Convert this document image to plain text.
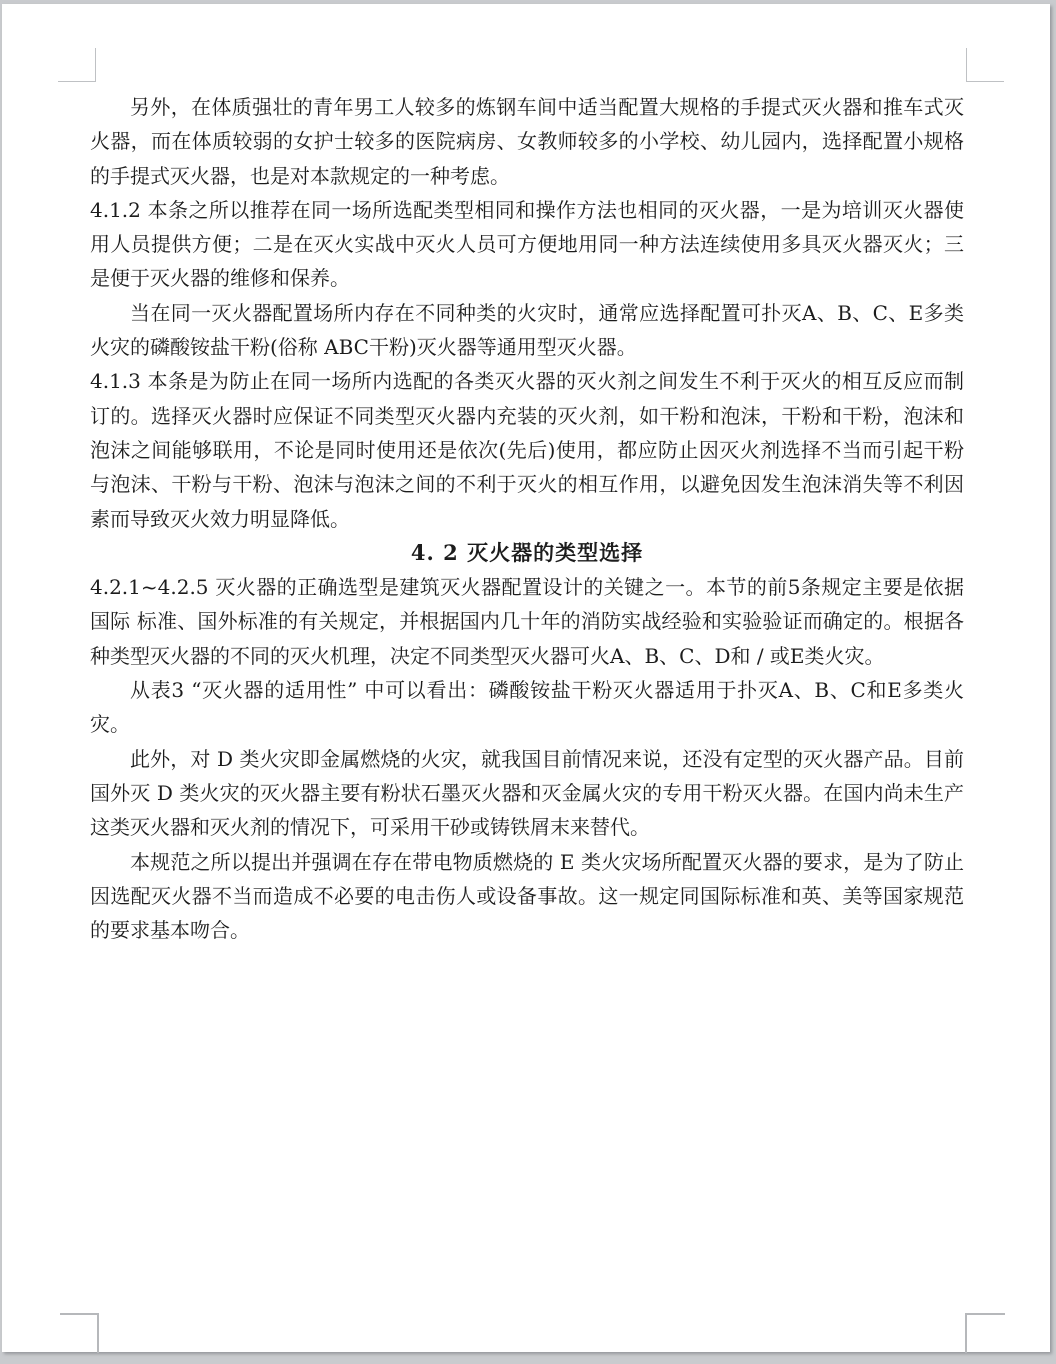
另外，在体质强壮的青年男工人较多的炼钢车间中适当配置大规格的手提式灭火器和推车式灭火器，而在体质较弱的女护士较多的医院病房、女教师较多的小学校、幼儿园内，选择配置小规格的手提式灭火器，也是对本款规定的一种考虑。

4.1.2 本条之所以推荐在同一场所选配类型相同和操作方法也相同的灭火器，一是为培训灭火器使用人员提供方便；二是在灭火实战中灭火人员可方便地用同一种方法连续使用多具灭火器灭火；三是便于灭火器的维修和保养。

当在同一灭火器配置场所内存在不同种类的火灾时，通常应选择配置可扑灭A、B、C、E多类火灾的磷酸铵盐干粉(俗称 ABC干粉)灭火器等通用型灭火器。

4.1.3 本条是为防止在同一场所内选配的各类灭火器的灭火剂之间发生不利于灭火的相互反应而制订的。选择灭火器时应保证不同类型灭火器内充装的灭火剂，如干粉和泡沫，干粉和干粉，泡沫和泡沫之间能够联用，不论是同时使用还是依次(先后)使用，都应防止因灭火剂选择不当而引起干粉与泡沫、干粉与干粉、泡沫与泡沫之间的不利于灭火的相互作用，以避免因发生泡沫消失等不利因素而导致灭火效力明显降低。

4. 2 灭火器的类型选择

4.2.1~4.2.5 灭火器的正确选型是建筑灭火器配置设计的关键之一。本节的前5条规定主要是依据国际 标准、国外标准的有关规定，并根据国内几十年的消防实战经验和实验验证而确定的。根据各种类型灭火器的不同的灭火机理，决定不同类型灭火器可火A、B、C、D和 / 或E类火灾。

从表3 “灭火器的适用性” 中可以看出：磷酸铵盐干粉灭火器适用于扑灭A、B、C和E多类火灾。

此外，对 D 类火灾即金属燃烧的火灾，就我国目前情况来说，还没有定型的灭火器产品。目前国外灭 D 类火灾的灭火器主要有粉状石墨灭火器和灭金属火灾的专用干粉灭火器。在国内尚未生产这类灭火器和灭火剂的情况下，可采用干砂或铸铁屑末来替代。

本规范之所以提出并强调在存在带电物质燃烧的 E 类火灾场所配置灭火器的要求，是为了防止因选配灭火器不当而造成不必要的电击伤人或设备事故。这一规定同国际标准和英、美等国家规范的要求基本吻合。
